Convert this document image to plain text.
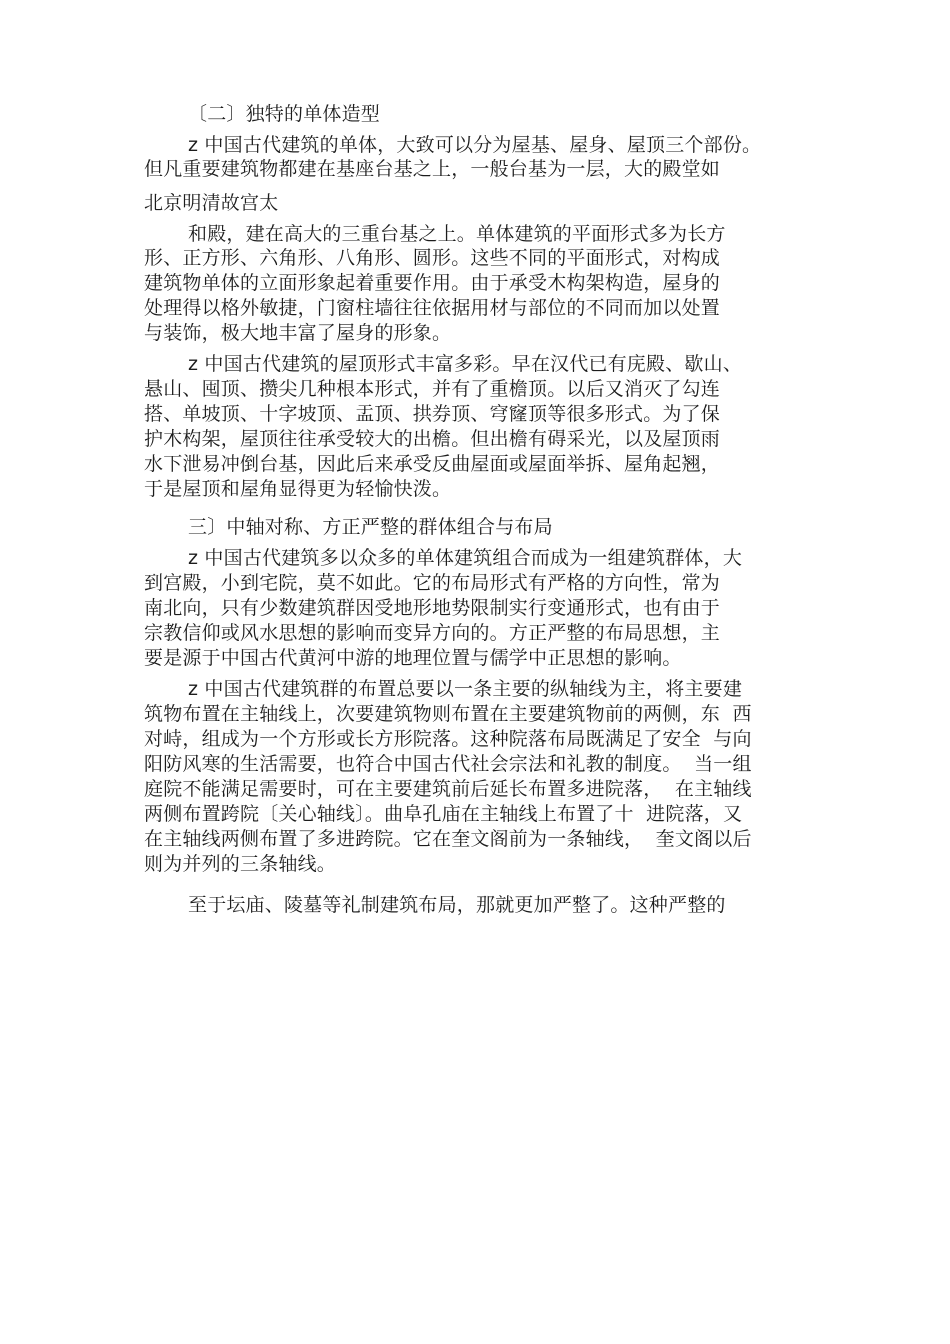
〔二〕独特的单体造型
z 中国古代建筑的单体，大致可以分为屋基、屋身、屋顶三个部份。
但凡重要建筑物都建在基座台基之上，一般台基为一层，大的殿堂如
北京明清故宫太
和殿，建在高大的三重台基之上。单体建筑的平面形式多为长方
形、正方形、六角形、八角形、圆形。这些不同的平面形式，对构成
建筑物单体的立面形象起着重要作用。由于承受木构架构造，屋身的
处理得以格外敏捷，门窗柱墙往往依据用材与部位的不同而加以处置
与装饰，极大地丰富了屋身的形象。
z 中国古代建筑的屋顶形式丰富多彩。早在汉代已有庑殿、歇山、
悬山、囤顶、攒尖几种根本形式，并有了重檐顶。以后又消灭了勾连
搭、单坡顶、十字坡顶、盂顶、拱券顶、穹窿顶等很多形式。为了保
护木构架，屋顶往往承受较大的出檐。但出檐有碍采光，以及屋顶雨
水下泄易冲倒台基，因此后来承受反曲屋面或屋面举拆、屋角起翘，
于是屋顶和屋角显得更为轻愉快泼。
三〕中轴对称、方正严整的群体组合与布局
z 中国古代建筑多以众多的单体建筑组合而成为一组建筑群体，大
到宫殿，小到宅院，莫不如此。它的布局形式有严格的方向性，常为
南北向，只有少数建筑群因受地形地势限制实行变通形式，也有由于
宗教信仰或风水思想的影响而变异方向的。方正严整的布局思想，主
要是源于中国古代黄河中游的地理位置与儒学中正思想的影响。
z 中国古代建筑群的布置总要以一条主要的纵轴线为主，将主要建
筑物布置在主轴线上，次要建筑物则布置在主要建筑物前的两侧，东  西
对峙，组成为一个方形或长方形院落。这种院落布局既满足了安全  与向
阳防风寒的生活需要，也符合中国古代社会宗法和礼教的制度。  当一组
庭院不能满足需要时，可在主要建筑前后延长布置多进院落，  在主轴线
两侧布置跨院〔关心轴线〕。曲阜孔庙在主轴线上布置了十  进院落，又
在主轴线两侧布置了多进跨院。它在奎文阁前为一条轴线，  奎文阁以后
则为并列的三条轴线。
至于坛庙、陵墓等礼制建筑布局，那就更加严整了。这种严整的
